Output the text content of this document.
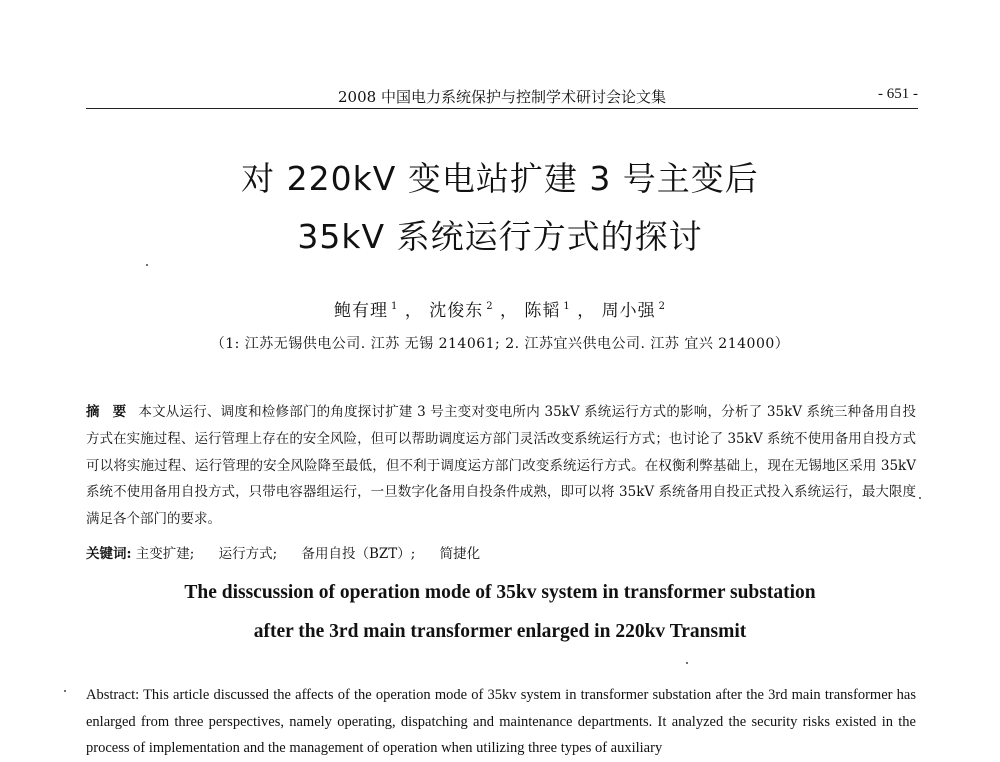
2008 中国电力系统保护与控制学术研讨会论文集	- 651 -
对 220kV 变电站扩建 3 号主变后
35kV 系统运行方式的探讨
鲍有理 $^1$ ， 沈俊东 $^2$ ， 陈韬 $^1$ ， 周小强 $^2$
（1: 江苏无锡供电公司. 江苏 无锡 214061; 2. 江苏宜兴供电公司. 江苏 宜兴 214000）
摘 要 本文从运行、调度和检修部门的角度探讨扩建 3 号主变对变电所内 35kV 系统运行方式的影响，分析了 35kV 系统三种备用自投方式在实施过程、运行管理上存在的安全风险，但可以帮助调度运方部门灵活改变系统运行方式；也讨论了 35kV 系统不使用备用自投方式可以将实施过程、运行管理的安全风险降至最低，但不利于调度运方部门改变系统运行方式。在权衡利弊基础上，现在无锡地区采用 35kV 系统不使用备用自投方式，只带电容器组运行，一旦数字化备用自投条件成熟，即可以将 35kV 系统备用自投正式投入系统运行，最大限度满足各个部门的要求。
关键词: 主变扩建; 运行方式; 备用自投（BZT）; 简捷化
The disscussion of operation mode of 35kv system in transformer substation
after the 3rd main transformer enlarged in 220kv Transmit
Abstract: This article discussed the affects of the operation mode of 35kv system in transformer substation after the 3rd main transformer has enlarged from three perspectives, namely operating, dispatching and maintenance departments. It analyzed the security risks existed in the process of implementation and the management of operation when utilizing three types of auxiliary
